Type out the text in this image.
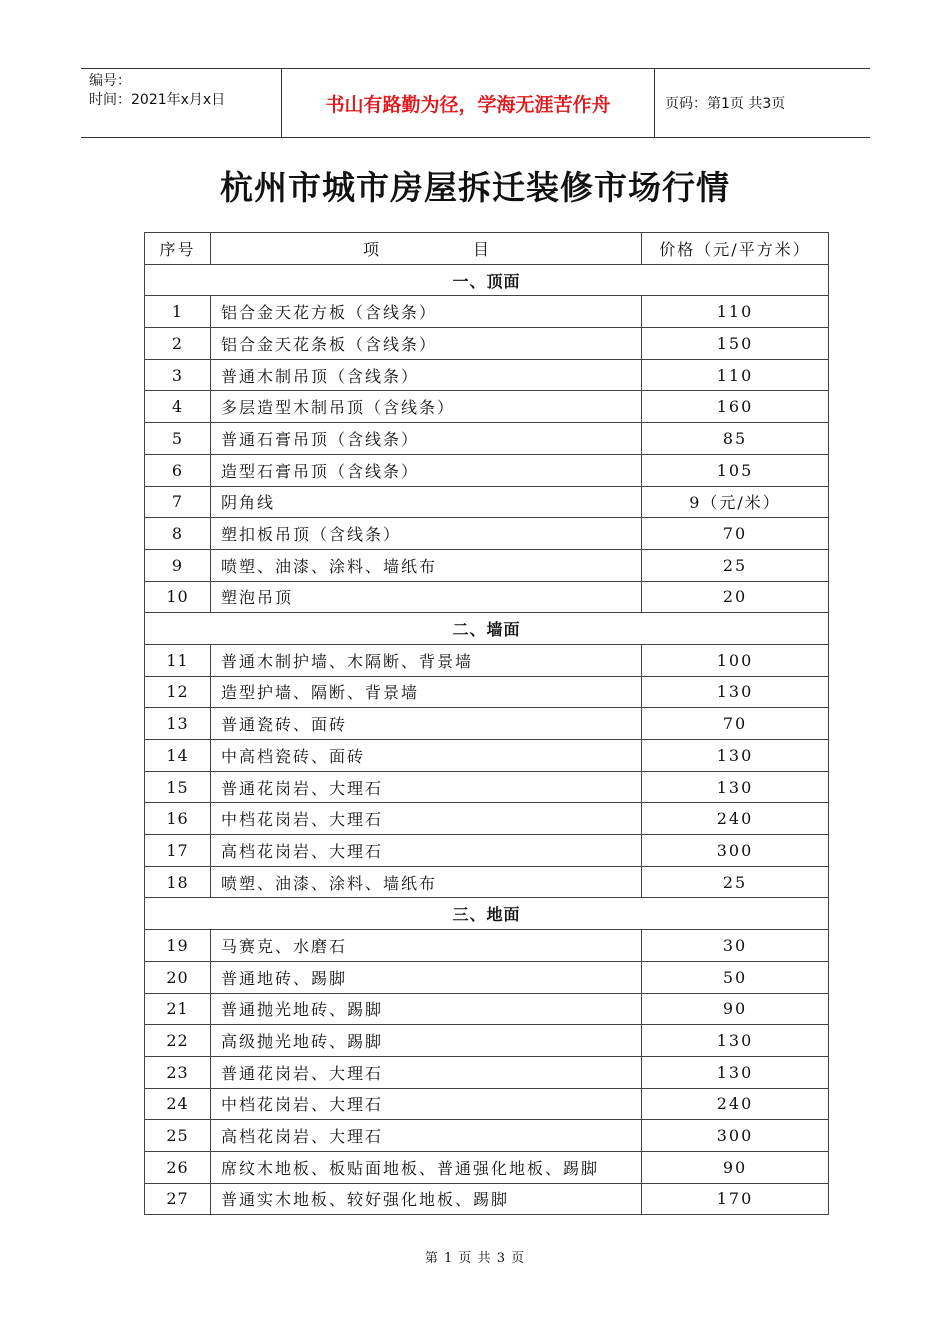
编号：
时间：2021年x月x日	书山有路勤为径，学海无涯苦作舟	页码：第1页 共3页
杭州市城市房屋拆迁装修市场行情
序号	项 目	价格（元/平方米）
一、顶面		
1	铝合金天花方板（含线条）	110
2	铝合金天花条板（含线条）	150
3	普通木制吊顶（含线条）	110
4	多层造型木制吊顶（含线条）	160
5	普通石膏吊顶（含线条）	85
6	造型石膏吊顶（含线条）	105
7	阴角线	9（元/米）
8	塑扣板吊顶（含线条）	70
9	喷塑、油漆、涂料、墙纸布	25
10	塑泡吊顶	20
二、墙面		
11	普通木制护墙、木隔断、背景墙	100
12	造型护墙、隔断、背景墙	130
13	普通瓷砖、面砖	70
14	中高档瓷砖、面砖	130
15	普通花岗岩、大理石	130
16	中档花岗岩、大理石	240
17	高档花岗岩、大理石	300
18	喷塑、油漆、涂料、墙纸布	25
三、地面		
19	马赛克、水磨石	30
20	普通地砖、踢脚	50
21	普通抛光地砖、踢脚	90
22	高级抛光地砖、踢脚	130
23	普通花岗岩、大理石	130
24	中档花岗岩、大理石	240
25	高档花岗岩、大理石	300
26	席纹木地板、板贴面地板、普通强化地板、踢脚	90
27	普通实木地板、较好强化地板、踢脚	170
第 1 页 共 3 页
